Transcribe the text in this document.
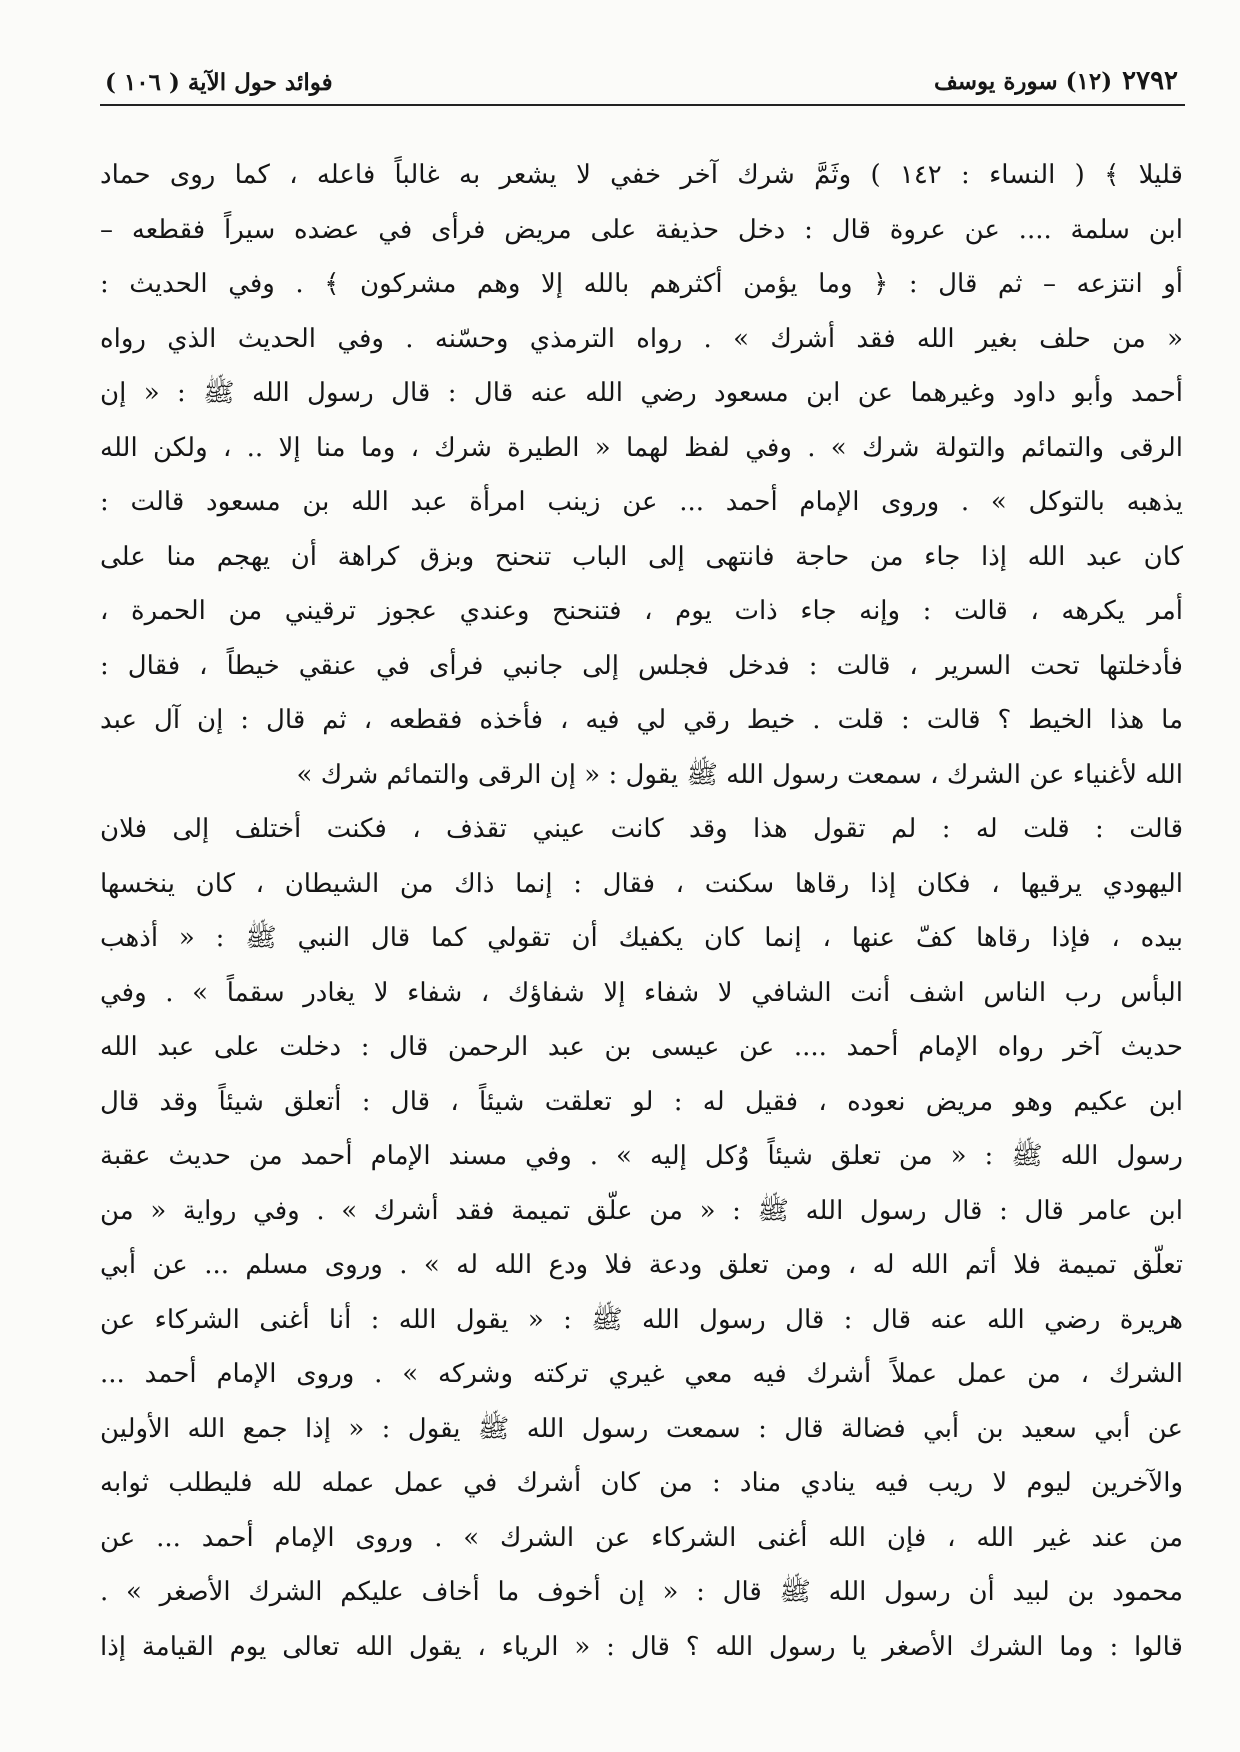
٢٧٩٢
(١٢) سورة يوسف
فوائد حول الآية ( ١٠٦ )
قليلا ﴾ ( النساء : ١٤٢ ) وثَمَّ شرك آخر خفي لا يشعر به غالباً فاعله ، كما روى حماد
ابن سلمة .... عن عروة قال : دخل حذيفة على مريض فرأى في عضده سيراً فقطعه –
أو انتزعه – ثم قال : ﴿ وما يؤمن أكثرهم بالله إلا وهم مشركون ﴾ . وفي الحديث :
« من حلف بغير الله فقد أشرك » . رواه الترمذي وحسّنه . وفي الحديث الذي رواه
أحمد وأبو داود وغيرهما عن ابن مسعود رضي الله عنه قال : قال رسول الله ﷺ : « إن
الرقى والتمائم والتولة شرك » . وفي لفظ لهما « الطيرة شرك ، وما منا إلا .. ، ولكن الله
يذهبه بالتوكل » . وروى الإمام أحمد ... عن زينب امرأة عبد الله بن مسعود قالت :
كان عبد الله إذا جاء من حاجة فانتهى إلى الباب تنحنح وبزق كراهة أن يهجم منا على
أمر يكرهه ، قالت : وإنه جاء ذات يوم ، فتنحنح وعندي عجوز ترقيني من الحمرة ،
فأدخلتها تحت السرير ، قالت : فدخل فجلس إلى جانبي فرأى في عنقي خيطاً ، فقال :
ما هذا الخيط ؟ قالت : قلت . خيط رقي لي فيه ، فأخذه فقطعه ، ثم قال : إن آل عبد
الله لأغنياء عن الشرك ، سمعت رسول الله ﷺ يقول : « إن الرقى والتمائم شرك »
قالت : قلت له : لم تقول هذا وقد كانت عيني تقذف ، فكنت أختلف إلى فلان
اليهودي يرقيها ، فكان إذا رقاها سكنت ، فقال : إنما ذاك من الشيطان ، كان ينخسها
بيده ، فإذا رقاها كفّ عنها ، إنما كان يكفيك أن تقولي كما قال النبي ﷺ : « أذهب
البأس رب الناس اشف أنت الشافي لا شفاء إلا شفاؤك ، شفاء لا يغادر سقماً » . وفي
حديث آخر رواه الإمام أحمد .... عن عيسى بن عبد الرحمن قال : دخلت على عبد الله
ابن عكيم وهو مريض نعوده ، فقيل له : لو تعلقت شيئاً ، قال : أتعلق شيئاً وقد قال
رسول الله ﷺ : « من تعلق شيئاً وُكل إليه » . وفي مسند الإمام أحمد من حديث عقبة
ابن عامر قال : قال رسول الله ﷺ : « من علّق تميمة فقد أشرك » . وفي رواية « من
تعلّق تميمة فلا أتم الله له ، ومن تعلق ودعة فلا ودع الله له » . وروى مسلم ... عن أبي
هريرة رضي الله عنه قال : قال رسول الله ﷺ : « يقول الله : أنا أغنى الشركاء عن
الشرك ، من عمل عملاً أشرك فيه معي غيري تركته وشركه » . وروى الإمام أحمد ...
عن أبي سعيد بن أبي فضالة قال : سمعت رسول الله ﷺ يقول : « إذا جمع الله الأولين
والآخرين ليوم لا ريب فيه ينادي مناد : من كان أشرك في عمل عمله لله فليطلب ثوابه
من عند غير الله ، فإن الله أغنى الشركاء عن الشرك » . وروى الإمام أحمد ... عن
محمود بن لبيد أن رسول الله ﷺ قال : « إن أخوف ما أخاف عليكم الشرك الأصغر » .
قالوا : وما الشرك الأصغر يا رسول الله ؟ قال : « الرياء ، يقول الله تعالى يوم القيامة إذا
